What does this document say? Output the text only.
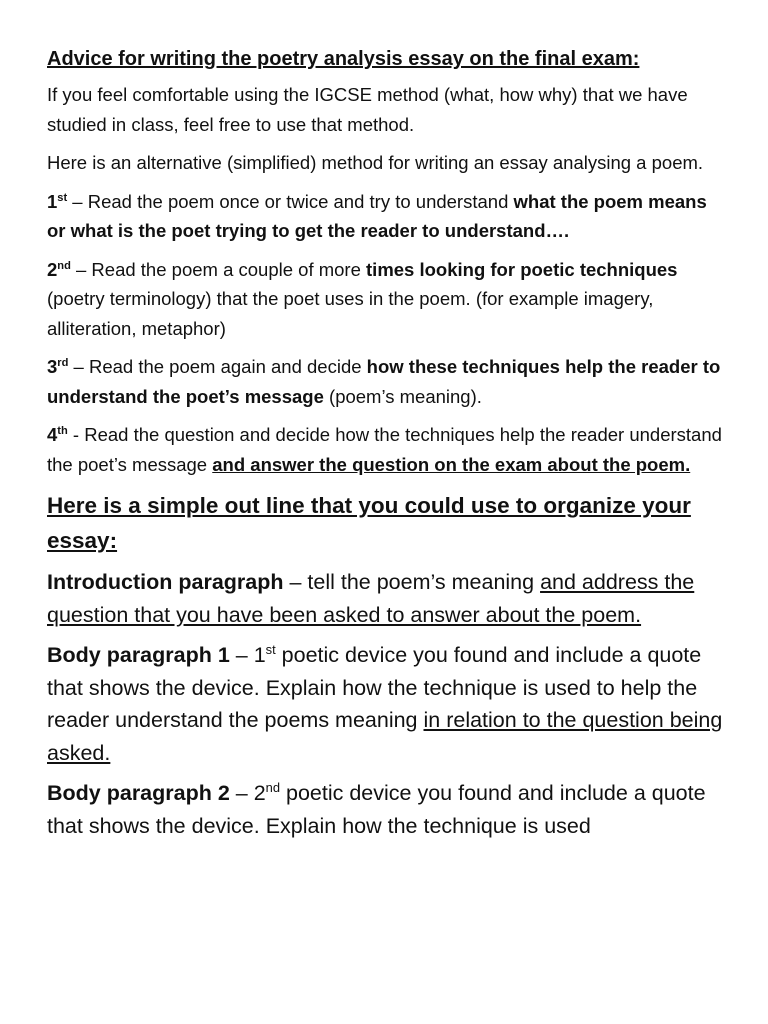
Advice for writing the poetry analysis essay on the final exam:

If you feel comfortable using the IGCSE method (what, how why) that we have studied in class, feel free to use that method.

Here is an alternative (simplified) method for writing an essay analysing a poem.

1st – Read the poem once or twice and try to understand what the poem means or what is the poet trying to get the reader to understand….

2nd – Read the poem a couple of more times looking for poetic techniques (poetry terminology) that the poet uses in the poem. (for example imagery, alliteration, metaphor)

3rd – Read the poem again and decide how these techniques help the reader to understand the poet’s message (poem’s meaning).

4th - Read the question and decide how the techniques help the reader understand the poet’s message and answer the question on the exam about the poem.

Here is a simple out line that you could use to organize your essay:

Introduction paragraph – tell the poem’s meaning and address the question that you have been asked to answer about the poem.

Body paragraph 1 – 1st poetic device you found and include a quote that shows the device. Explain how the technique is used to help the reader understand the poems meaning in relation to the question being asked.

Body paragraph 2 – 2nd poetic device you found and include a quote that shows the device. Explain how the technique is used
